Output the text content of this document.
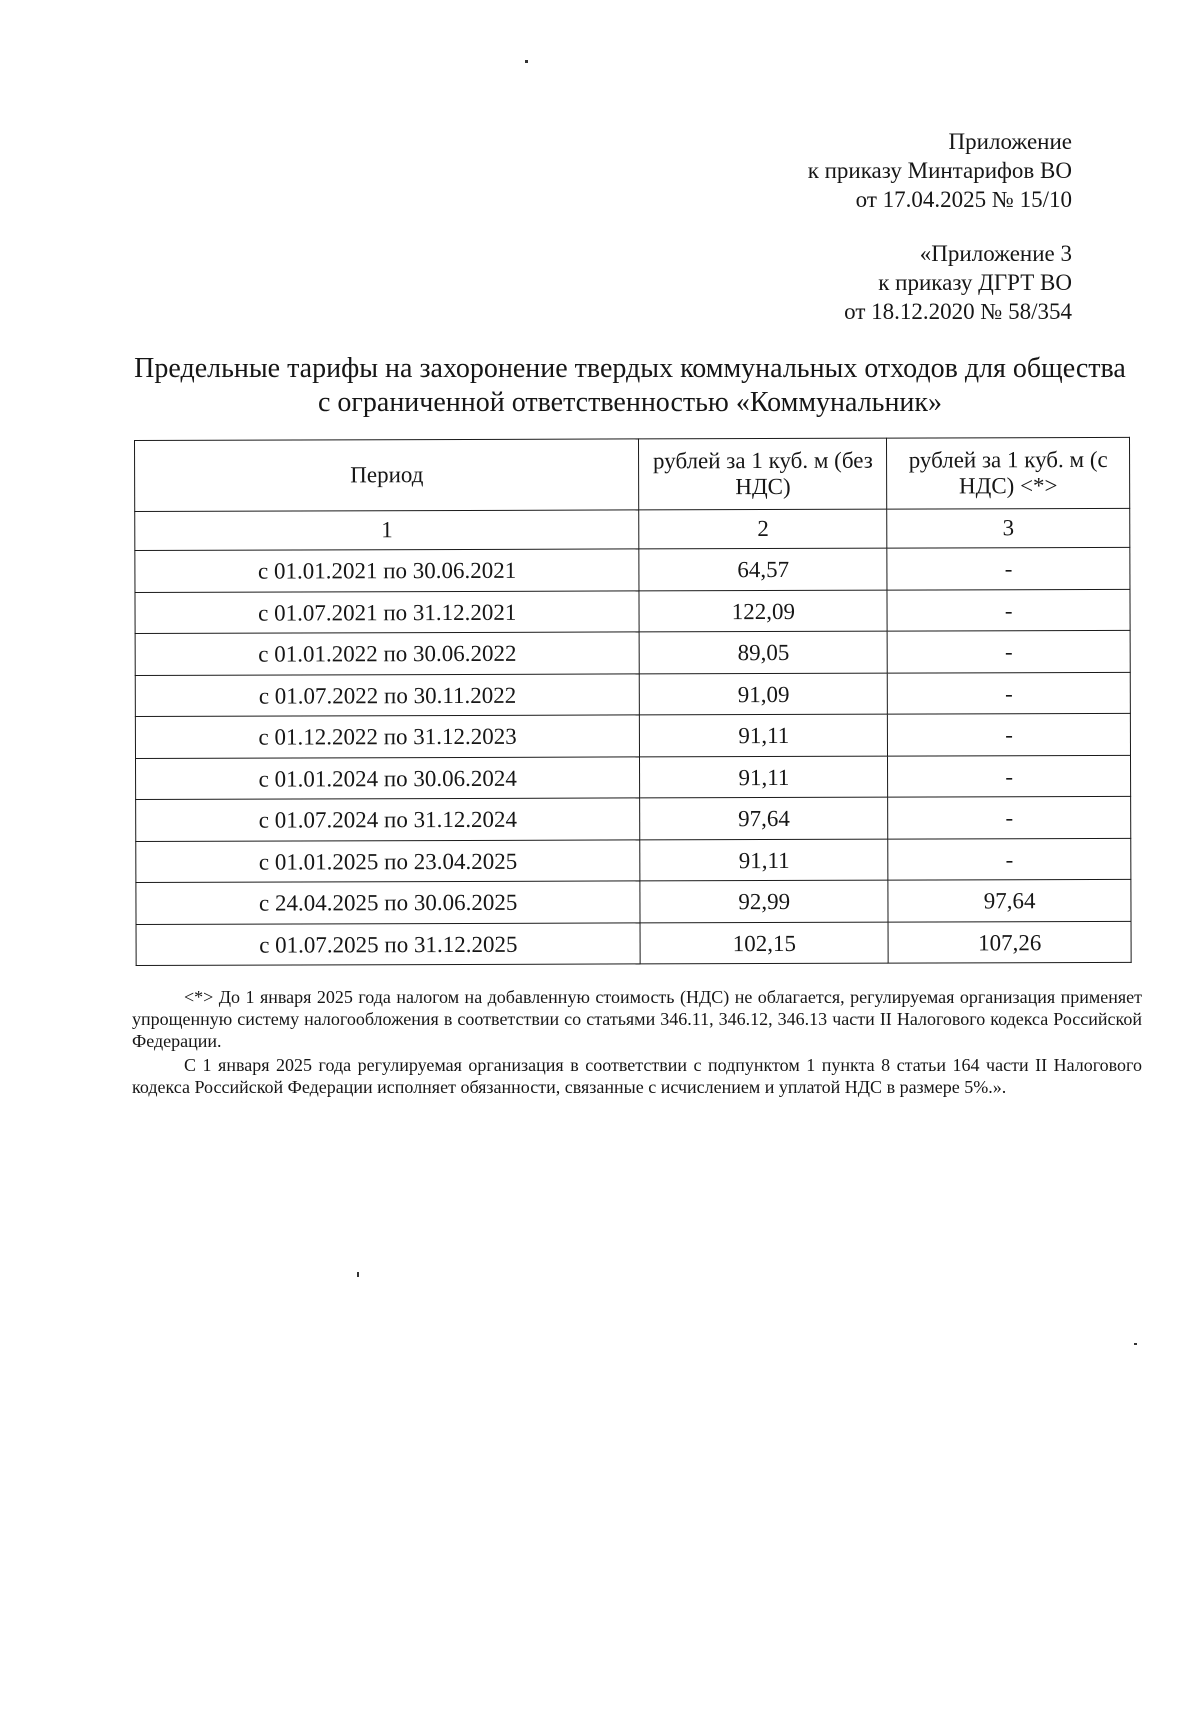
Приложение
к приказу Минтарифов ВО
от 17.04.2025 № 15/10
«Приложение 3
к приказу ДГРТ ВО
от 18.12.2020 № 58/354
Предельные тарифы на захоронение твердых коммунальных отходов для общества
с ограниченной ответственностью «Коммунальник»
Период	рублей за 1 куб. м (без НДС)	рублей за 1 куб. м (с НДС) <*>
1	2	3
с 01.01.2021 по 30.06.2021	64,57	-
с 01.07.2021 по 31.12.2021	122,09	-
с 01.01.2022 по 30.06.2022	89,05	-
с 01.07.2022 по 30.11.2022	91,09	-
с 01.12.2022 по 31.12.2023	91,11	-
с 01.01.2024 по 30.06.2024	91,11	-
с 01.07.2024 по 31.12.2024	97,64	-
с 01.01.2025 по 23.04.2025	91,11	-
с 24.04.2025 по 30.06.2025	92,99	97,64
с 01.07.2025 по 31.12.2025	102,15	107,26

<*> До 1 января 2025 года налогом на добавленную стоимость (НДС) не облагается, регулируемая организация применяет упрощенную систему налогообложения в соответствии со статьями 346.11, 346.12, 346.13 части II Налогового кодекса Российской Федерации.

С 1 января 2025 года регулируемая организация в соответствии с подпунктом 1 пункта 8 статьи 164 части II Налогового кодекса Российской Федерации исполняет обязанности, связанные с исчислением и уплатой НДС в размере 5%.».
